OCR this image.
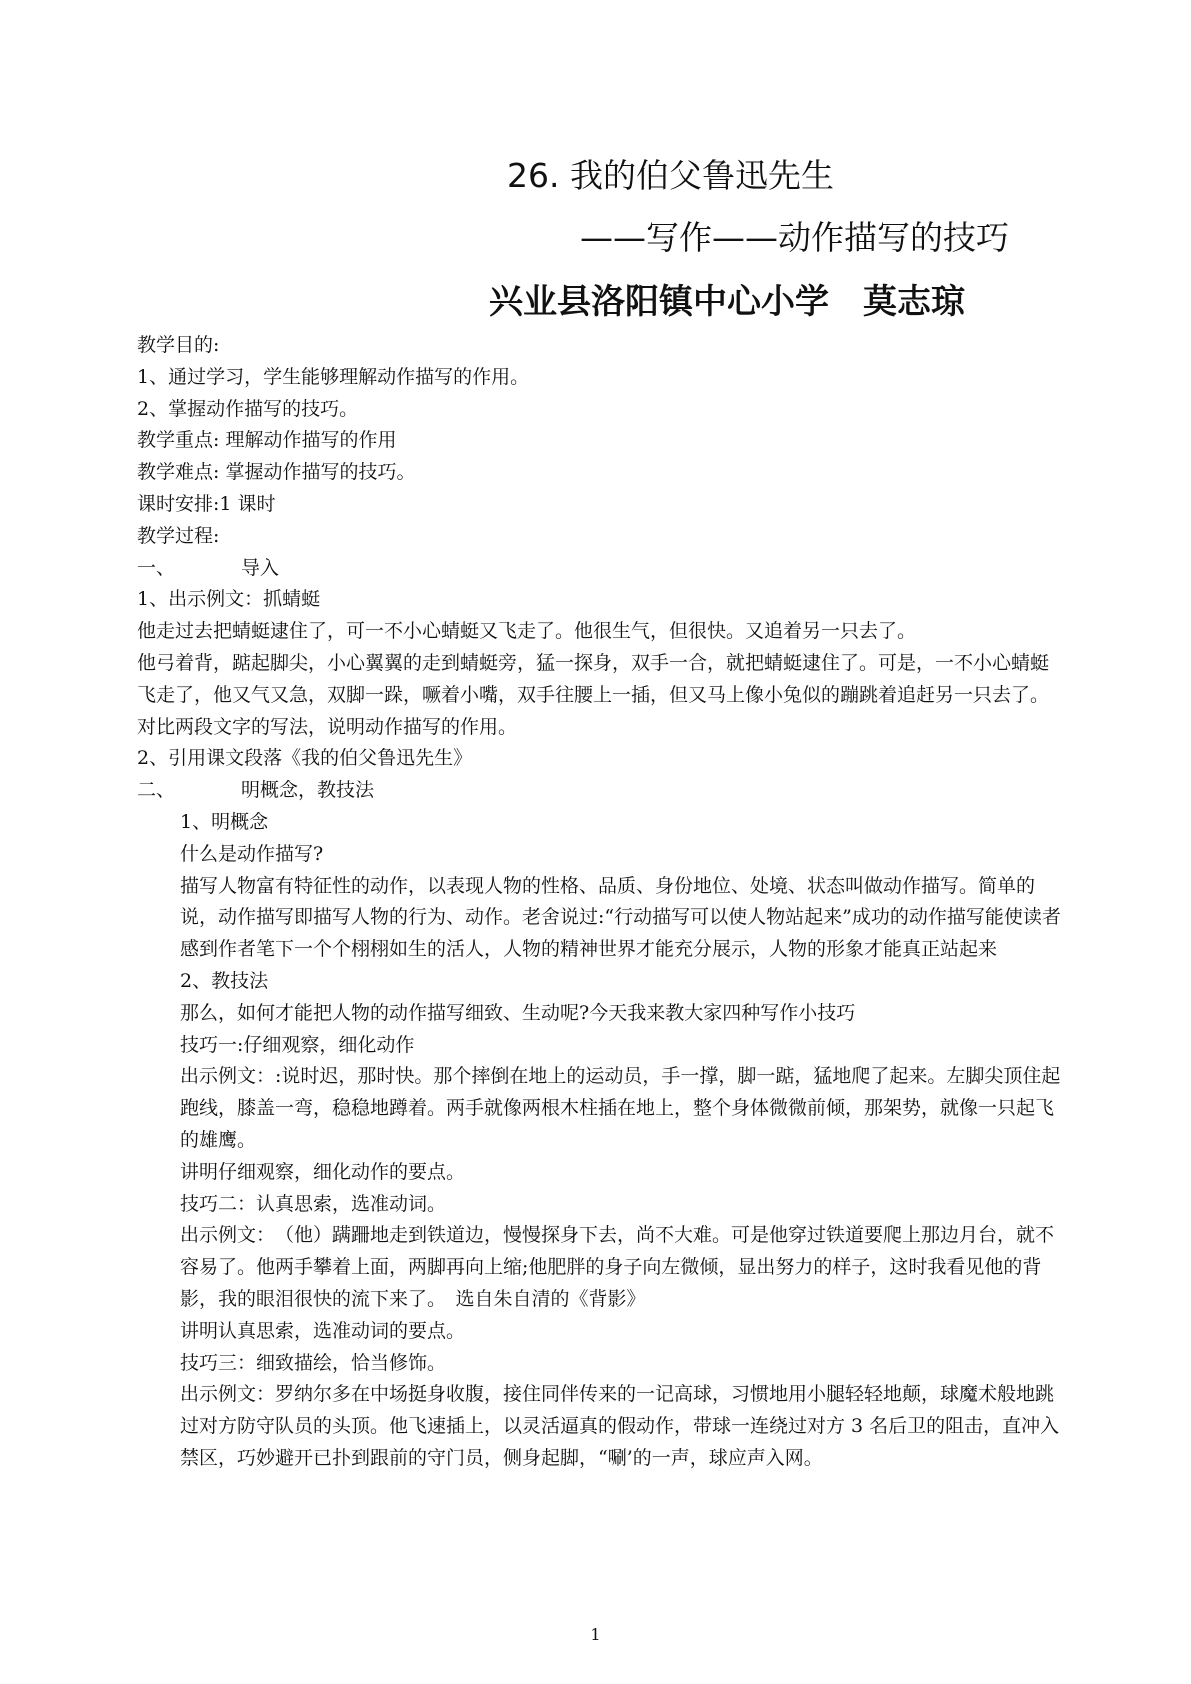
26. 我的伯父鲁迅先生
——写作——动作描写的技巧
兴业县洛阳镇中心小学　莫志琼

教学目的:

1、通过学习，学生能够理解动作描写的作用。

2、掌握动作描写的技巧。

教学重点: 理解动作描写的作用

教学难点: 掌握动作描写的技巧。

课时安排:1 课时

教学过程:

一、	导入

1、出示例文：抓蜻蜓

他走过去把蜻蜓逮住了，可一不小心蜻蜓又飞走了。他很生气，但很快。又追着另一只去了。

他弓着背，踮起脚尖，小心翼翼的走到蜻蜓旁，猛一探身，双手一合，就把蜻蜓逮住了。可是，一不小心蜻蜓飞走了，他又气又急，双脚一跺，噘着小嘴，双手往腰上一插，但又马上像小兔似的蹦跳着追赶另一只去了。

对比两段文字的写法，说明动作描写的作用。

2、引用课文段落《我的伯父鲁迅先生》

二、	明概念，教技法

1、明概念

什么是动作描写?

描写人物富有特征性的动作，以表现人物的性格、品质、身份地位、处境、状态叫做动作描写。简单的说，动作描写即描写人物的行为、动作。老舍说过:“行动描写可以使人物站起来”成功的动作描写能使读者感到作者笔下一个个栩栩如生的活人，人物的精神世界才能充分展示，人物的形象才能真正站起来

2、教技法

那么，如何才能把人物的动作描写细致、生动呢?今天我来教大家四种写作小技巧

技巧一:仔细观察，细化动作

出示例文：:说时迟，那时快。那个摔倒在地上的运动员，手一撑，脚一踮，猛地爬了起来。左脚尖顶住起跑线，膝盖一弯，稳稳地蹲着。两手就像两根木柱插在地上，整个身体微微前倾，那架势，就像一只起飞的雄鹰。

讲明仔细观察，细化动作的要点。

技巧二：认真思索，选准动词。

出示例文：　（他）蹒跚地走到铁道边，慢慢探身下去，尚不大难。可是他穿过铁道要爬上那边月台，就不容易了。他两手攀着上面，两脚再向上缩;他肥胖的身子向左微倾，显出努力的样子，这时我看见他的背影，我的眼泪很快的流下来了。　选自朱自清的《背影》

讲明认真思索，选准动词的要点。

技巧三：细致描绘，恰当修饰。

出示例文：罗纳尔多在中场挺身收腹，接住同伴传来的一记高球，习惯地用小腿轻轻地颠，球魔术般地跳过对方防守队员的头顶。他飞速插上，以灵活逼真的假动作，带球一连绕过对方 3 名后卫的阻击，直冲入禁区，巧妙避开已扑到跟前的守门员，侧身起脚，“唰’的一声，球应声入网。

1
